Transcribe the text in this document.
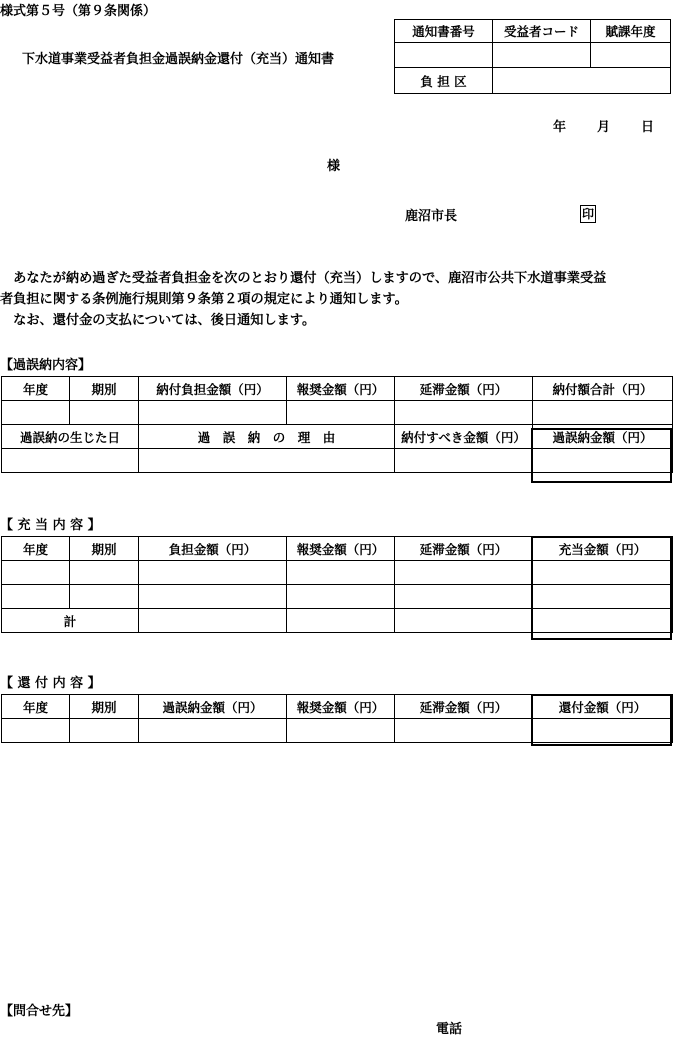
様式第５号（第９条関係）
下水道事業受益者負担金過誤納金還付（充当）通知書
通知書番号	受益者コード	賦課年度

負 担 区		
年 月 日
様
鹿沼市長	印
　あなたが納め過ぎた受益者負担金を次のとおり還付（充当）しますので、鹿沼市公共下水道事業受益
者負担に関する条例施行規則第９条第２項の規定により通知します。
　なお、還付金の支払については、後日通知します。
【過誤納内容】
年度	期別	納付負担金額（円）	報奨金額（円）	延滞金額（円）	納付額合計（円）

過誤納の生じた日		過　誤　納　の　理　由		納付すべき金額（円）	過誤納金額（円）

【 充 当 内 容 】
年度	期別	負担金額（円）	報奨金額（円）	延滞金額（円）	充当金額（円）

計					
【 還 付 内 容 】
年度	期別	過誤納金額（円）	報奨金額（円）	延滞金額（円）	還付金額（円）

【問合せ先】
電話
